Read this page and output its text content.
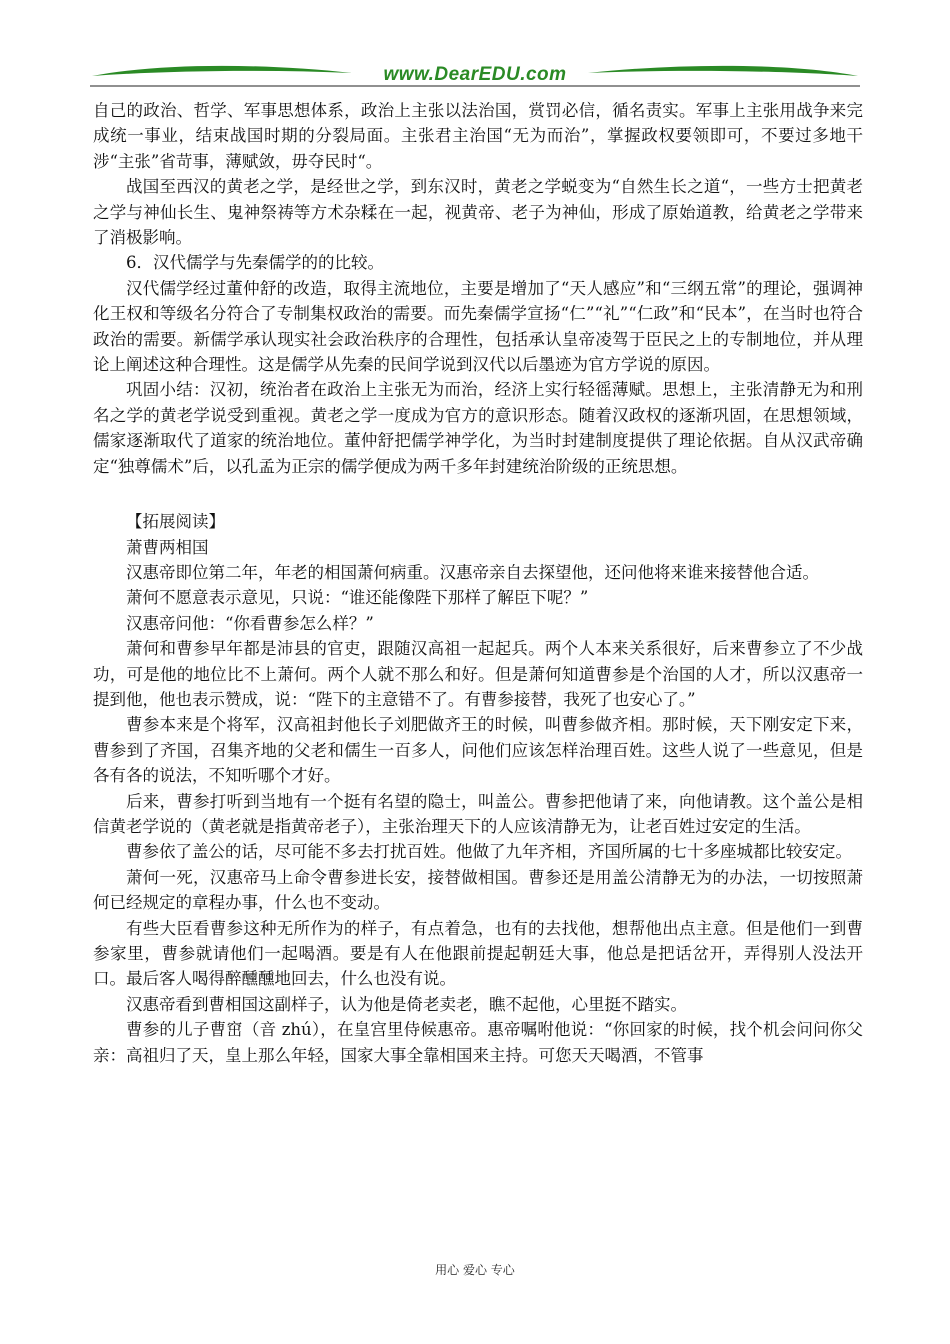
www.DearEDU.com

自己的政治、哲学、军事思想体系，政治上主张以法治国，赏罚必信，循名责实。军事上主张用战争来完成统一事业，结束战国时期的分裂局面。主张君主治国“无为而治”，掌握政权要领即可，不要过多地干涉“主张”省苛事，薄赋敛，毋夺民时“。

战国至西汉的黄老之学，是经世之学，到东汉时，黄老之学蜕变为“自然生长之道“，一些方士把黄老之学与神仙长生、鬼神祭祷等方术杂糅在一起，视黄帝、老子为神仙，形成了原始道教，给黄老之学带来了消极影响。

6．汉代儒学与先秦儒学的的比较。

汉代儒学经过董仲舒的改造，取得主流地位，主要是增加了“天人感应”和“三纲五常”的理论，强调神化王权和等级名分符合了专制集权政治的需要。而先秦儒学宣扬“仁”“礼”“仁政”和“民本”，在当时也符合政治的需要。新儒学承认现实社会政治秩序的合理性，包括承认皇帝凌驾于臣民之上的专制地位，并从理论上阐述这种合理性。这是儒学从先秦的民间学说到汉代以后墨迹为官方学说的原因。

巩固小结：汉初，统治者在政治上主张无为而治，经济上实行轻徭薄赋。思想上，主张清静无为和刑名之学的黄老学说受到重视。黄老之学一度成为官方的意识形态。随着汉政权的逐渐巩固，在思想领域，儒家逐渐取代了道家的统治地位。董仲舒把儒学神学化，为当时封建制度提供了理论依据。自从汉武帝确定“独尊儒术”后，以孔孟为正宗的儒学便成为两千多年封建统治阶级的正统思想。

【拓展阅读】

萧曹两相国

汉惠帝即位第二年，年老的相国萧何病重。汉惠帝亲自去探望他，还问他将来谁来接替他合适。

萧何不愿意表示意见，只说：“谁还能像陛下那样了解臣下呢？”

汉惠帝问他：“你看曹参怎么样？”

萧何和曹参早年都是沛县的官吏，跟随汉高祖一起起兵。两个人本来关系很好，后来曹参立了不少战功，可是他的地位比不上萧何。两个人就不那么和好。但是萧何知道曹参是个治国的人才，所以汉惠帝一提到他，他也表示赞成，说：“陛下的主意错不了。有曹参接替，我死了也安心了。”

曹参本来是个将军，汉高祖封他长子刘肥做齐王的时候，叫曹参做齐相。那时候，天下刚安定下来，曹参到了齐国，召集齐地的父老和儒生一百多人，问他们应该怎样治理百姓。这些人说了一些意见，但是各有各的说法，不知听哪个才好。

后来，曹参打听到当地有一个挺有名望的隐士，叫盖公。曹参把他请了来，向他请教。这个盖公是相信黄老学说的（黄老就是指黄帝老子），主张治理天下的人应该清静无为，让老百姓过安定的生活。

曹参依了盖公的话，尽可能不多去打扰百姓。他做了九年齐相，齐国所属的七十多座城都比较安定。

萧何一死，汉惠帝马上命令曹参进长安，接替做相国。曹参还是用盖公清静无为的办法，一切按照萧何已经规定的章程办事，什么也不变动。

有些大臣看曹参这种无所作为的样子，有点着急，也有的去找他，想帮他出点主意。但是他们一到曹参家里，曹参就请他们一起喝酒。要是有人在他跟前提起朝廷大事，他总是把话岔开，弄得别人没法开口。最后客人喝得醉醺醺地回去，什么也没有说。

汉惠帝看到曹相国这副样子，认为他是倚老卖老，瞧不起他，心里挺不踏实。

曹参的儿子曹窋（音 zhú），在皇宫里侍候惠帝。惠帝嘱咐他说：“你回家的时候，找个机会问问你父亲：高祖归了天，皇上那么年轻，国家大事全靠相国来主持。可您天天喝酒，不管事

用心 爱心 专心
